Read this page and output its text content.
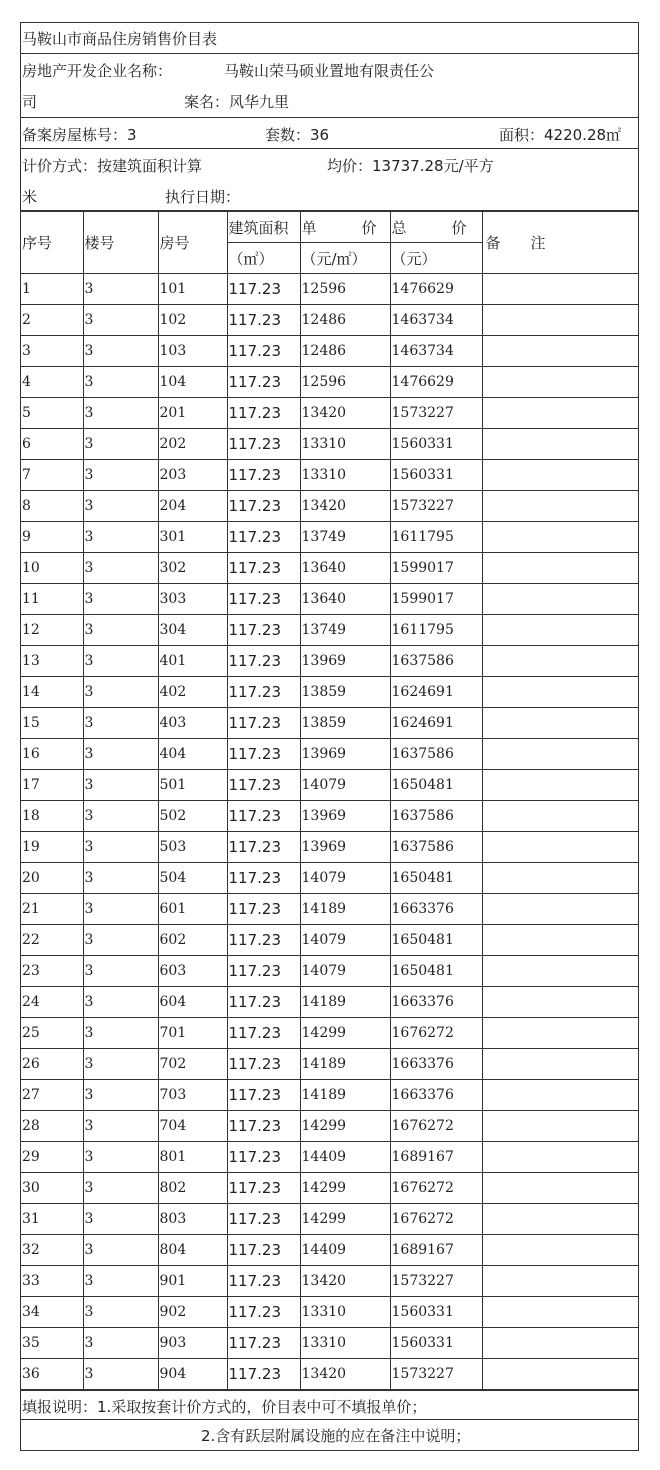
马鞍山市商品住房销售价目表
房地产开发企业名称：	马鞍山荣马硕业置地有限责任公
司	案名：风华九里
备案房屋栋号：3	套数：36	面积：4220.28㎡
计价方式：按建筑面积计算	均价：13737.28元/平方
米	执行日期：
序号	楼号	房号	建筑面积	单　　　价	总　　　价	备　　注
			（㎡）	（元/㎡）	（元）	
1	3	101	117.23	12596	1476629	
2	3	102	117.23	12486	1463734	
3	3	103	117.23	12486	1463734	
4	3	104	117.23	12596	1476629	
5	3	201	117.23	13420	1573227	
6	3	202	117.23	13310	1560331	
7	3	203	117.23	13310	1560331	
8	3	204	117.23	13420	1573227	
9	3	301	117.23	13749	1611795	
10	3	302	117.23	13640	1599017	
11	3	303	117.23	13640	1599017	
12	3	304	117.23	13749	1611795	
13	3	401	117.23	13969	1637586	
14	3	402	117.23	13859	1624691	
15	3	403	117.23	13859	1624691	
16	3	404	117.23	13969	1637586	
17	3	501	117.23	14079	1650481	
18	3	502	117.23	13969	1637586	
19	3	503	117.23	13969	1637586	
20	3	504	117.23	14079	1650481	
21	3	601	117.23	14189	1663376	
22	3	602	117.23	14079	1650481	
23	3	603	117.23	14079	1650481	
24	3	604	117.23	14189	1663376	
25	3	701	117.23	14299	1676272	
26	3	702	117.23	14189	1663376	
27	3	703	117.23	14189	1663376	
28	3	704	117.23	14299	1676272	
29	3	801	117.23	14409	1689167	
30	3	802	117.23	14299	1676272	
31	3	803	117.23	14299	1676272	
32	3	804	117.23	14409	1689167	
33	3	901	117.23	13420	1573227	
34	3	902	117.23	13310	1560331	
35	3	903	117.23	13310	1560331	
36	3	904	117.23	13420	1573227	
填报说明：1.采取按套计价方式的，价目表中可不填报单价；
2.含有跃层附属设施的应在备注中说明；
